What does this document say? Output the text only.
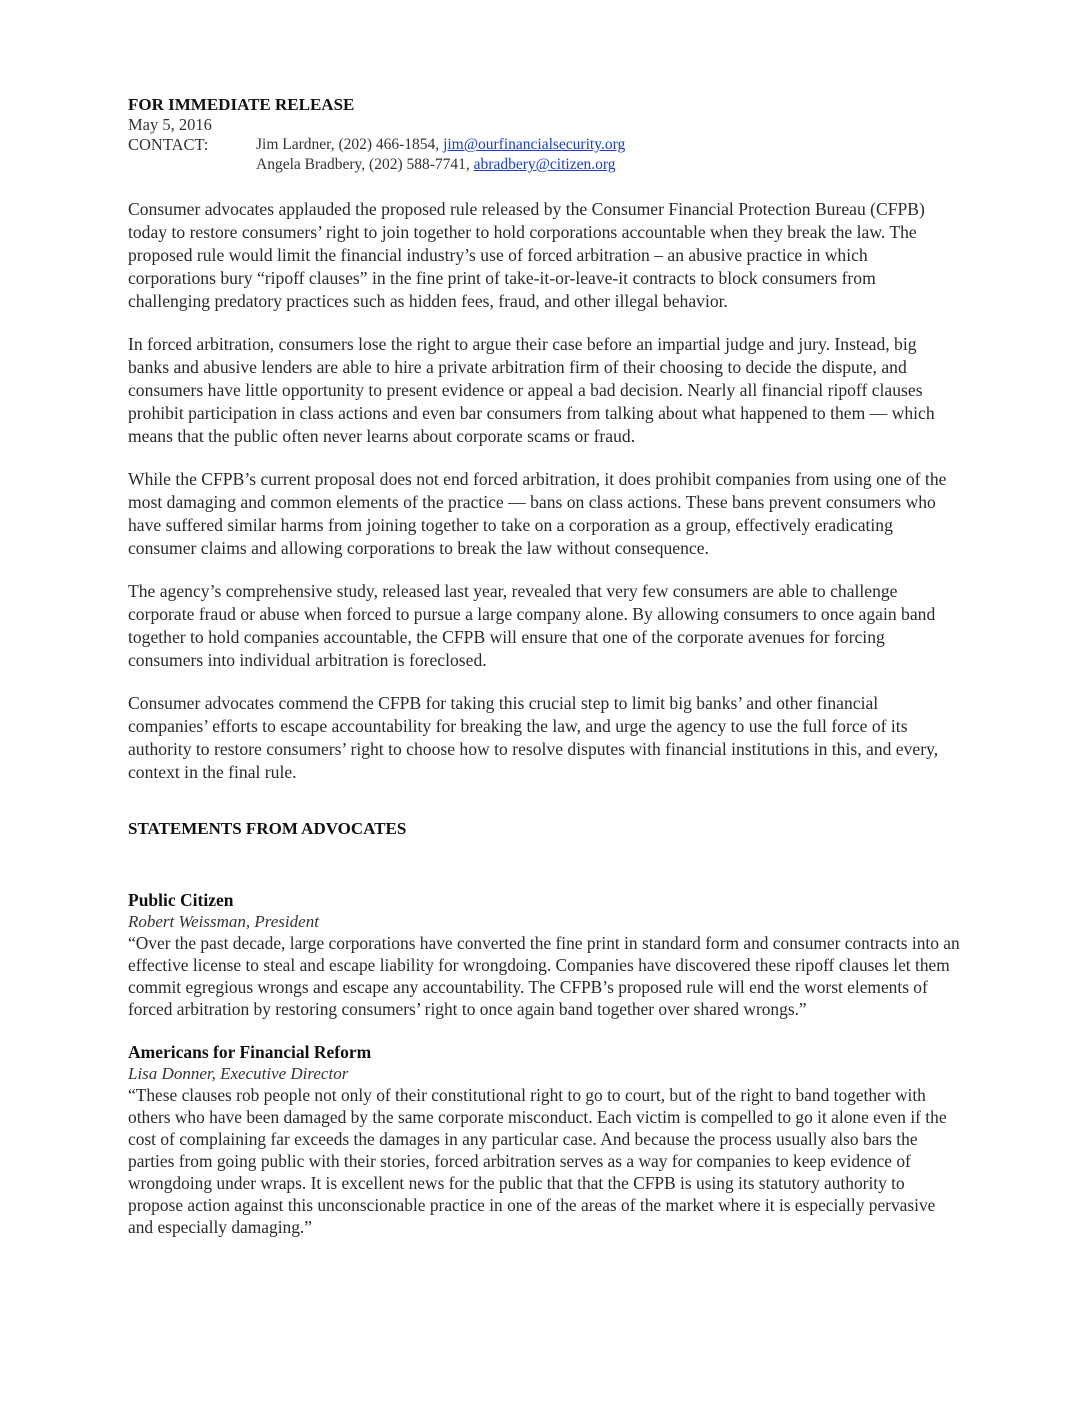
FOR IMMEDIATE RELEASE
May 5, 2016
CONTACT:	Jim Lardner, (202) 466-1854, jim@ourfinancialsecurity.org
Angela Bradbery, (202) 588-7741, abradbery@citizen.org

Consumer advocates applauded the proposed rule released by the Consumer Financial Protection Bureau (CFPB) today to restore consumers’ right to join together to hold corporations accountable when they break the law. The proposed rule would limit the financial industry’s use of forced arbitration – an abusive practice in which corporations bury “ripoff clauses” in the fine print of take-it-or-leave-it contracts to block consumers from challenging predatory practices such as hidden fees, fraud, and other illegal behavior.

In forced arbitration, consumers lose the right to argue their case before an impartial judge and jury. Instead, big banks and abusive lenders are able to hire a private arbitration firm of their choosing to decide the dispute, and consumers have little opportunity to present evidence or appeal a bad decision. Nearly all financial ripoff clauses prohibit participation in class actions and even bar consumers from talking about what happened to them — which means that the public often never learns about corporate scams or fraud.

While the CFPB’s current proposal does not end forced arbitration, it does prohibit companies from using one of the most damaging and common elements of the practice — bans on class actions. These bans prevent consumers who have suffered similar harms from joining together to take on a corporation as a group, effectively eradicating consumer claims and allowing corporations to break the law without consequence.

The agency’s comprehensive study, released last year, revealed that very few consumers are able to challenge corporate fraud or abuse when forced to pursue a large company alone. By allowing consumers to once again band together to hold companies accountable, the CFPB will ensure that one of the corporate avenues for forcing consumers into individual arbitration is foreclosed.

Consumer advocates commend the CFPB for taking this crucial step to limit big banks’ and other financial companies’ efforts to escape accountability for breaking the law, and urge the agency to use the full force of its authority to restore consumers’ right to choose how to resolve disputes with financial institutions in this, and every, context in the final rule.

STATEMENTS FROM ADVOCATES
Public Citizen
Robert Weissman, President

“Over the past decade, large corporations have converted the fine print in standard form and consumer contracts into an effective license to steal and escape liability for wrongdoing. Companies have discovered these ripoff clauses let them commit egregious wrongs and escape any accountability. The CFPB’s proposed rule will end the worst elements of forced arbitration by restoring consumers’ right to once again band together over shared wrongs.”

Americans for Financial Reform
Lisa Donner, Executive Director

“These clauses rob people not only of their constitutional right to go to court, but of the right to band together with others who have been damaged by the same corporate misconduct. Each victim is compelled to go it alone even if the cost of complaining far exceeds the damages in any particular case. And because the process usually also bars the parties from going public with their stories, forced arbitration serves as a way for companies to keep evidence of wrongdoing under wraps. It is excellent news for the public that that the CFPB is using its statutory authority to propose action against this unconscionable practice in one of the areas of the market where it is especially pervasive and especially damaging.”
